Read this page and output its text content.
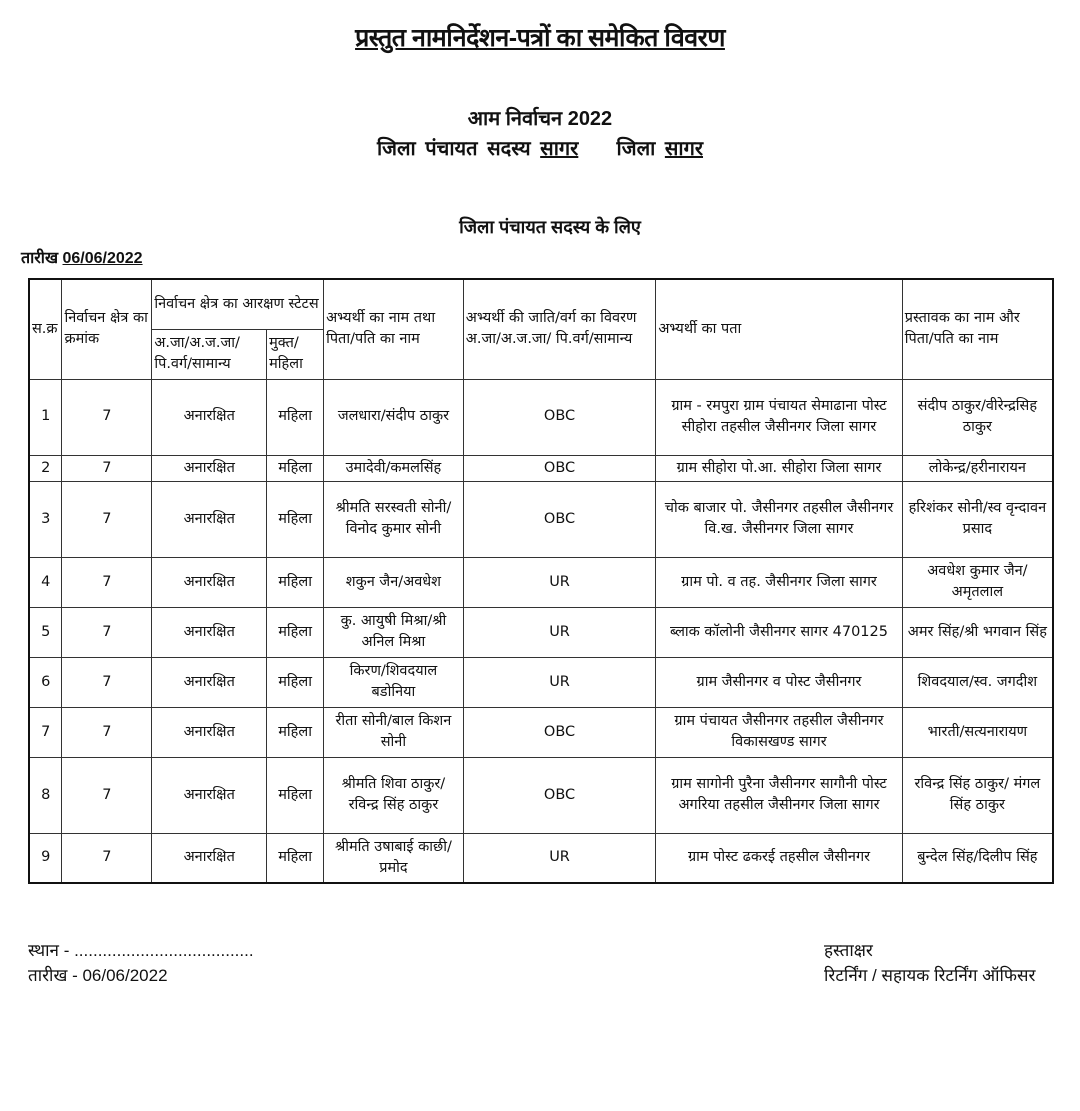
प्रस्तुत नामनिर्देशन-पत्रों का समेकित विवरण
आम निर्वाचन 2022
जिला पंचायत सदस्य सागर जिला सागर
जिला पंचायत सदस्य के लिए
तारीख 06/06/2022
स.क्र	निर्वाचन क्षेत्र का क्रमांक	निर्वाचन क्षेत्र का आरक्षण स्टेटस		अभ्यर्थी का नाम तथा पिता/पति का नाम	अभ्यर्थी की जाति/वर्ग का विवरण अ.जा/अ.ज.जा/ पि.वर्ग/सामान्य	अभ्यर्थी का पता	प्रस्तावक का नाम और पिता/पति का नाम
		अ.जा/अ.ज.जा/ पि.वर्ग/सामान्य	मुक्त/ महिला				
1	7	अनारक्षित	महिला	जलधारा/संदीप ठाकुर	OBC	ग्राम - रमपुरा ग्राम पंचायत सेमाढाना पोस्ट सीहोरा तहसील जैसीनगर जिला सागर	संदीप ठाकुर/वीरेन्द्रसिह ठाकुर
2	7	अनारक्षित	महिला	उमादेवी/कमलसिंह	OBC	ग्राम सीहोरा पो.आ. सीहोरा जिला सागर	लोकेन्द्र/हरीनारायन
3	7	अनारक्षित	महिला	श्रीमति सरस्वती सोनी/विनोद कुमार सोनी	OBC	चोक बाजार पो. जैसीनगर तहसील जैसीनगर वि.ख. जैसीनगर जिला सागर	हरिशंकर सोनी/स्व वृन्दावन प्रसाद
4	7	अनारक्षित	महिला	शकुन जैन/अवधेश	UR	ग्राम पो. व तह. जैसीनगर जिला सागर	अवधेश कुमार जैन/ अमृतलाल
5	7	अनारक्षित	महिला	कु. आयुषी मिश्रा/श्री अनिल मिश्रा	UR	ब्लाक कॉलोनी जैसीनगर सागर 470125	अमर सिंह/श्री भगवान सिंह
6	7	अनारक्षित	महिला	किरण/शिवदयाल बडोनिया	UR	ग्राम जैसीनगर व पोस्ट जैसीनगर	शिवदयाल/स्व. जगदीश
7	7	अनारक्षित	महिला	रीता सोनी/बाल किशन सोनी	OBC	ग्राम पंचायत जैसीनगर तहसील जैसीनगर विकासखण्ड सागर	भारती/सत्यनारायण
8	7	अनारक्षित	महिला	श्रीमति शिवा ठाकुर/ रविन्द्र सिंह ठाकुर	OBC	ग्राम सागोनी पुरैना जैसीनगर सागौनी पोस्ट अगरिया तहसील जैसीनगर जिला सागर	रविन्द्र सिंह ठाकुर/ मंगल सिंह ठाकुर
9	7	अनारक्षित	महिला	श्रीमति उषाबाई काछी/प्रमोद	UR	ग्राम पोस्ट ढकरई तहसील जैसीनगर	बुन्देल सिंह/दिलीप सिंह
स्थान - ......................................
तारीख - 06/06/2022
हस्ताक्षर
रिटर्निंग / सहायक रिटर्निंग ऑफिसर
